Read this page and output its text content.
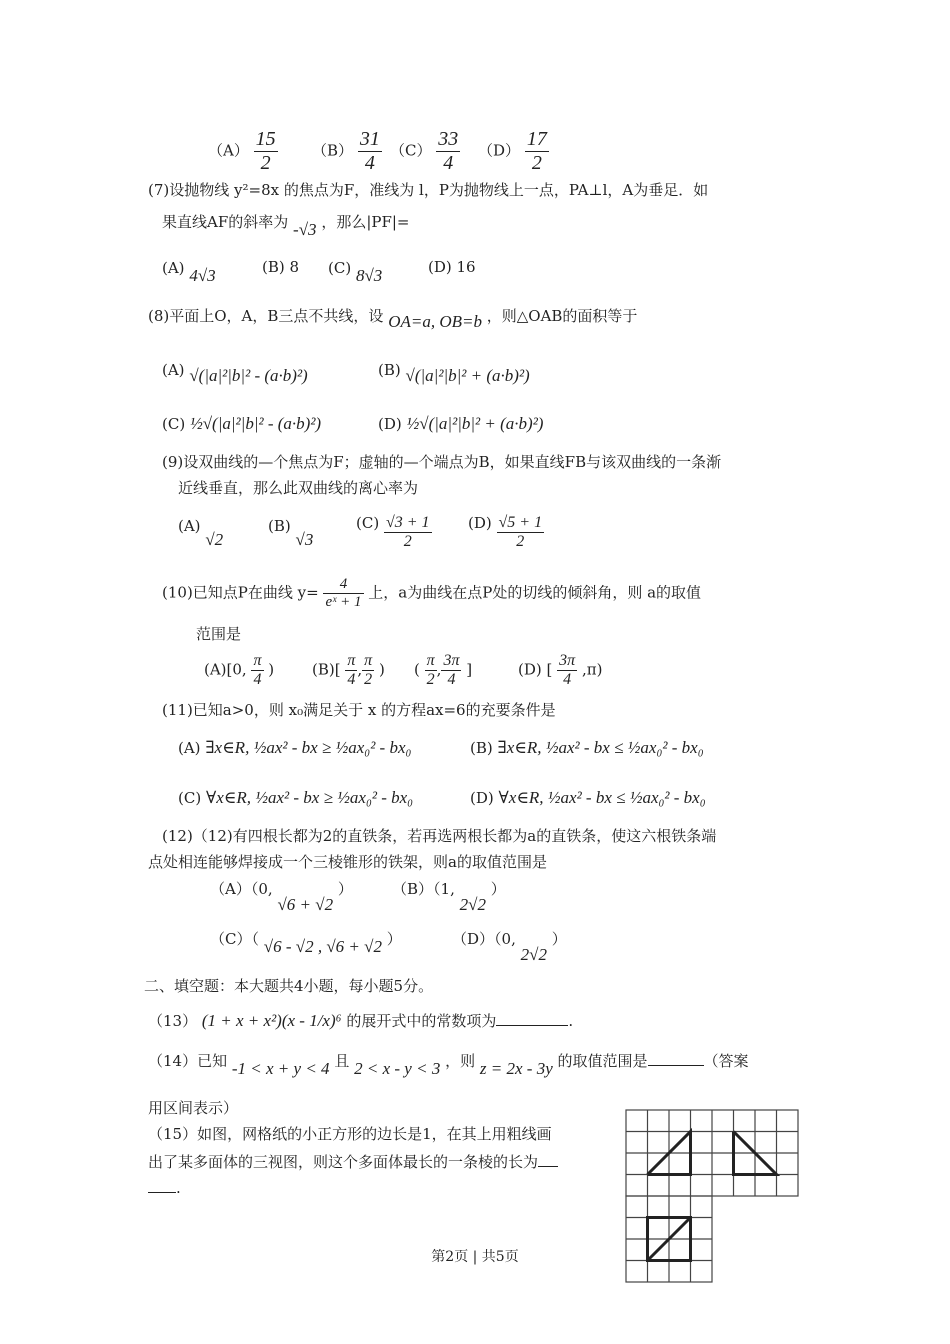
$(A) \frac{15}{2} (B) \frac{31}{4} (C) \frac{33}{4} (D) \frac{17}{2}$
(7)设抛物线 y²=8x 的焦点为F，准线为 l，P为抛物线上一点，PA⊥l，A为垂足．如
果直线AF的斜率为 -√3 ，那么|PF|=
(A) 4√3	(B) 8 (C) 8√3	(D) 16
(8)平面上O，A，B三点不共线，设 OA=a, OB=b ，则△OAB的面积等于
(A) √(|a|²|b|² - (a·b)²)	(B) √(|a|²|b|² + (a·b)²)
(C) ½√(|a|²|b|² - (a·b)²)	(D) ½√(|a|²|b|² + (a·b)²)
(9)设双曲线的—个焦点为F；虚轴的—个端点为B，如果直线FB与该双曲线的一条渐
近线垂直，那么此双曲线的离心率为
(A) √2
(B) √3
$(C) \frac{√3 + 1}{2} (D) \frac{√5 + 1}{2}$
(10)已知点P在曲线 $y= \frac{4}{\text{eˣ + 1}}$ 上，a为曲线在点P处的切线的倾斜角，则 a的取值
范围是
(A)[0, $\frac{\pi}{4}$ )	$(B)[ \frac{\pi}{4}$ , $\frac{\pi}{2}$ ) ( $\frac{\pi}{2}$ , $\frac{3\pi}{4}$ ]	(D) [ $\frac{3\pi}{4} ,\pi$)
(11)已知a>0，则 x₀满足关于 x 的方程ax=6的充要条件是
(A) ∃x∈R, ½ax² - bx ≥ ½ax₀² - bx₀	(B) ∃x∈R, ½ax² - bx ≤ ½ax₀² - bx₀
(C) ∀x∈R, ½ax² - bx ≥ ½ax₀² - bx₀	(D) ∀x∈R, ½ax² - bx ≤ ½ax₀² - bx₀
(12)（12)有四根长都为2的直铁条，若再选两根长都为a的直铁条，使这六根铁条端
点处相连能够焊接成一个三棱锥形的铁架，则a的取值范围是
（A）（0, √6 + √2 ）	（B）（1, 2√2 ）
（C）（ √6 - √2 , √6 + √2 ）	（D）（0, 2√2 ）
二、填空题：本大题共4小题，每小题5分。
（13） (1 + x + x²)(x - 1/x)⁶ 的展开式中的常数项为	.
（14）已知 -1 < x + y < 4 且 2 < x - y < 3 ，则 z = 2x - 3y 的取值范围是	（答案
用区间表示）
（15）如图，网格纸的小正方形的边长是1，在其上用粗线画
出了某多面体的三视图，则这个多面体最长的一条棱的长为
.
第2页 | 共5页
